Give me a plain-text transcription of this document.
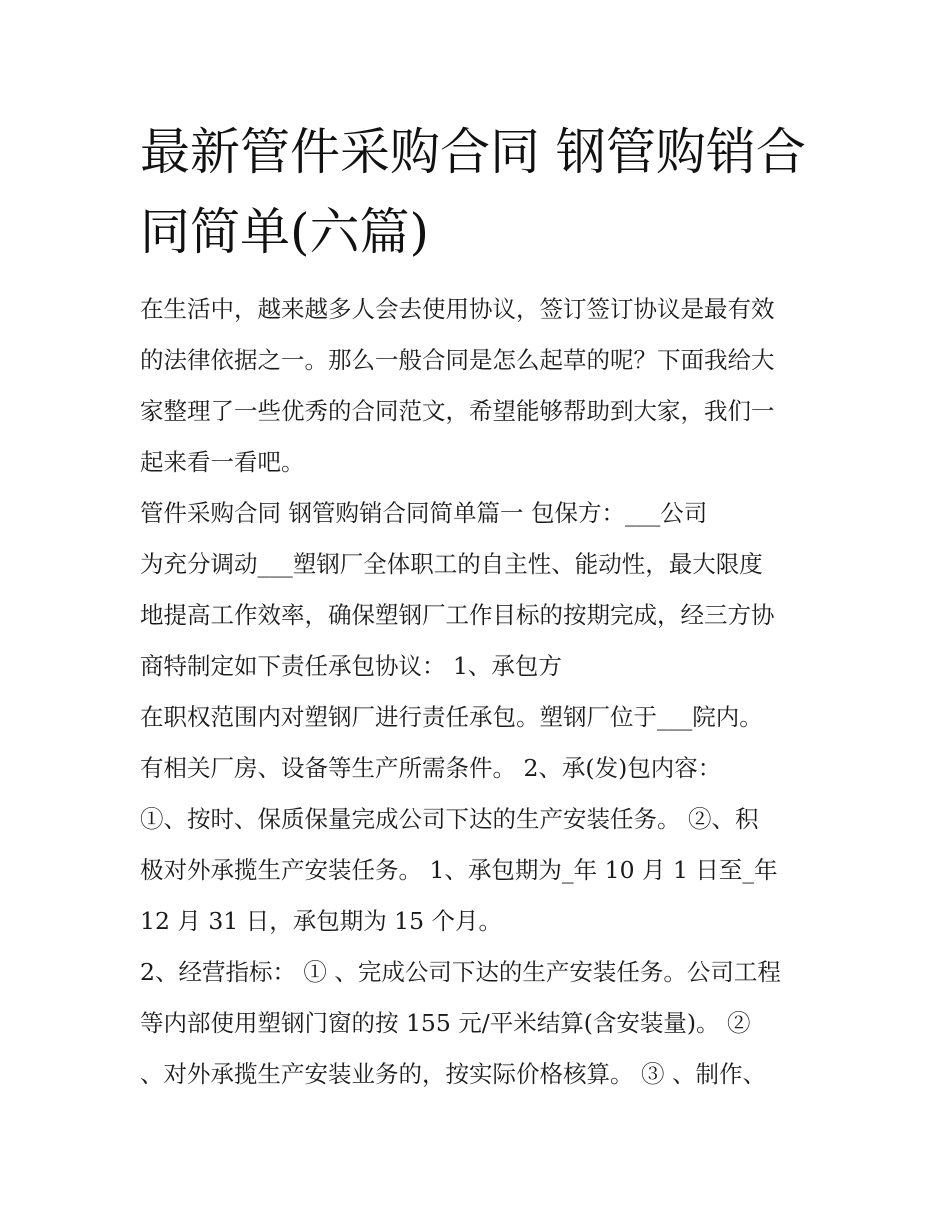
最新管件采购合同 钢管购销合
同简单(六篇)
在生活中，越来越多人会去使用协议，签订签订协议是最有效
的法律依据之一。那么一般合同是怎么起草的呢？下面我给大
家整理了一些优秀的合同范文，希望能够帮助到大家，我们一
起来看一看吧。
管件采购合同 钢管购销合同简单篇一 包保方：___公司
为充分调动___塑钢厂全体职工的自主性、能动性，最大限度
地提高工作效率，确保塑钢厂工作目标的按期完成，经三方协
商特制定如下责任承包协议： 1、承包方
在职权范围内对塑钢厂进行责任承包。塑钢厂位于___院内。
有相关厂房、设备等生产所需条件。 2、承(发)包内容：
①、按时、保质保量完成公司下达的生产安装任务。 ②、积
极对外承揽生产安装任务。 1、承包期为_年 10 月 1 日至_年
12 月 31 日，承包期为 15 个月。
2、经营指标： ① 、完成公司下达的生产安装任务。公司工程
等内部使用塑钢门窗的按 155 元/平米结算(含安装量)。 ②
、对外承揽生产安装业务的，按实际价格核算。 ③ 、制作、
